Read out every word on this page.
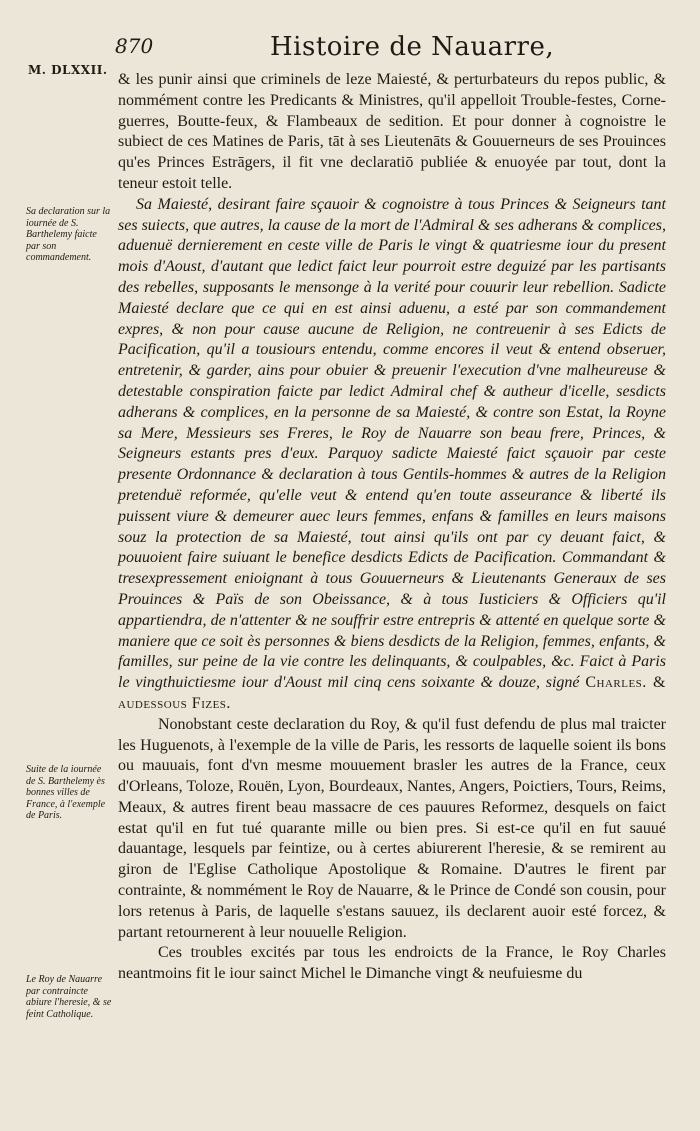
870	Histoire de Nauarre,
M. DLXXII.
Sa declaration sur la iournée de S. Barthelemy faicte par son commandement.
Suite de la iournée de S. Barthelemy ès bonnes villes de France, à l'exemple de Paris.
Le Roy de Nauarre par contraincte abiure l'heresie, & se feint Catholique.

& les punir ainsi que criminels de leze Maiesté, & perturbateurs du repos public, & nommément contre les Predicants & Ministres, qu'il appelloit Trouble-festes, Corne-guerres, Boutte-feux, & Flambeaux de sedition. Et pour donner à cognoistre le subiect de ces Matines de Paris, tāt à ses Lieutenāts & Gouuerneurs de ses Prouinces qu'es Princes Estrāgers, il fit vne declaratiō publiée & enuoyée par tout, dont la teneur estoit telle.

Sa Maiesté, desirant faire sçauoir & cognoistre à tous Princes & Seigneurs tant ses suiects, que autres, la cause de la mort de l'Admiral & ses adherans & complices, aduenuë dernierement en ceste ville de Paris le vingt & quatriesme iour du present mois d'Aoust, d'autant que ledict faict leur pourroit estre deguizé par les partisants des rebelles, supposants le mensonge à la verité pour couurir leur rebellion. Sadicte Maiesté declare que ce qui en est ainsi aduenu, a esté par son commandement expres, & non pour cause aucune de Religion, ne contreuenir à ses Edicts de Pacification, qu'il a tousiours entendu, comme encores il veut & entend obseruer, entretenir, & garder, ains pour obuier & preuenir l'execution d'vne malheureuse & detestable conspiration faicte par ledict Admiral chef & autheur d'icelle, sesdicts adherans & complices, en la personne de sa Maiesté, & contre son Estat, la Royne sa Mere, Messieurs ses Freres, le Roy de Nauarre son beau frere, Princes, & Seigneurs estants pres d'eux. Parquoy sadicte Maiesté faict sçauoir par ceste presente Ordonnance & declaration à tous Gentils-hommes & autres de la Religion pretenduë reformée, qu'elle veut & entend qu'en toute asseurance & liberté ils puissent viure & demeurer auec leurs femmes, enfans & familles en leurs maisons souz la protection de sa Maiesté, tout ainsi qu'ils ont par cy deuant faict, & pouuoient faire suiuant le benefice desdicts Edicts de Pacification. Commandant & tresexpressement enioignant à tous Gouuerneurs & Lieutenants Generaux de ses Prouinces & Païs de son Obeissance, & à tous Iusticiers & Officiers qu'il appartiendra, de n'attenter & ne souffrir estre entrepris & attenté en quelque sorte & maniere que ce soit ès personnes & biens desdicts de la Religion, femmes, enfants, & familles, sur peine de la vie contre les delinquants, & coulpables, &c. Faict à Paris le vingthuictiesme iour d'Aoust mil cinq cens soixante & douze, signé Charles. & audessous Fizes.

Nonobstant ceste declaration du Roy, & qu'il fust defendu de plus mal traicter les Huguenots, à l'exemple de la ville de Paris, les ressorts de laquelle soient ils bons ou mauuais, font d'vn mesme mouuement brasler les autres de la France, ceux d'Orleans, Toloze, Rouën, Lyon, Bourdeaux, Nantes, Angers, Poictiers, Tours, Reims, Meaux, & autres firent beau massacre de ces pauures Reformez, desquels on faict estat qu'il en fut tué quarante mille ou bien pres. Si est-ce qu'il en fut sauué dauantage, lesquels par feintize, ou à certes abiurerent l'heresie, & se remirent au giron de l'Eglise Catholique Apostolique & Romaine. D'autres le firent par contrainte, & nommément le Roy de Nauarre, & le Prince de Condé son cousin, pour lors retenus à Paris, de laquelle s'estans sauuez, ils declarent auoir esté forcez, & partant retournerent à leur nouuelle Religion.

Ces troubles excités par tous les endroicts de la France, le Roy Charles neantmoins fit le iour sainct Michel le Dimanche vingt & neufuiesme du
